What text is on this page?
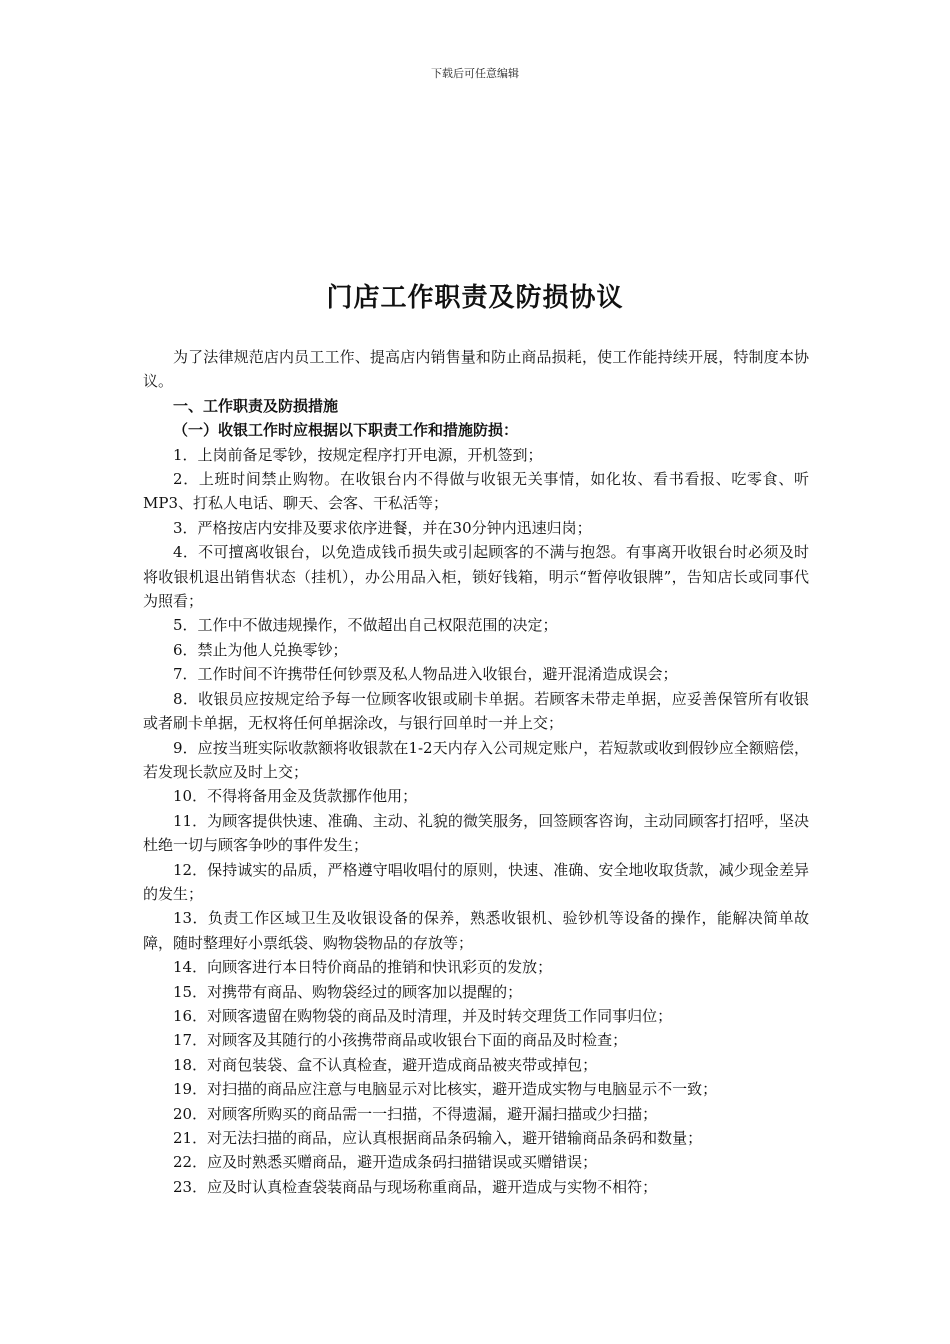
下载后可任意编辑
门店工作职责及防损协议

为了法律规范店内员工工作、提高店内销售量和防止商品损耗，使工作能持续开展，特制度本协议。

一、工作职责及防损措施

（一）收银工作时应根据以下职责工作和措施防损：

1．上岗前备足零钞，按规定程序打开电源，开机签到；

2．上班时间禁止购物。在收银台内不得做与收银无关事情，如化妆、看书看报、吃零食、听MP3、打私人电话、聊天、会客、干私活等；

3．严格按店内安排及要求依序进餐，并在30分钟内迅速归岗；

4．不可擅离收银台，以免造成钱币损失或引起顾客的不满与抱怨。有事离开收银台时必须及时将收银机退出销售状态（挂机），办公用品入柜，锁好钱箱，明示“暂停收银牌”，告知店长或同事代为照看；

5．工作中不做违规操作，不做超出自己权限范围的决定；

6．禁止为他人兑换零钞；

7．工作时间不许携带任何钞票及私人物品进入收银台，避开混淆造成误会；

8．收银员应按规定给予每一位顾客收银或刷卡单据。若顾客未带走单据，应妥善保管所有收银或者刷卡单据，无权将任何单据涂改，与银行回单时一并上交；

9．应按当班实际收款额将收银款在1-2天内存入公司规定账户，若短款或收到假钞应全额赔偿，若发现长款应及时上交；

10．不得将备用金及货款挪作他用；

11．为顾客提供快速、准确、主动、礼貌的微笑服务，回签顾客咨询，主动同顾客打招呼，坚决杜绝一切与顾客争吵的事件发生；

12．保持诚实的品质，严格遵守唱收唱付的原则，快速、准确、安全地收取货款，减少现金差异的发生；

13．负责工作区域卫生及收银设备的保养，熟悉收银机、验钞机等设备的操作，能解决简单故障，随时整理好小票纸袋、购物袋物品的存放等；

14．向顾客进行本日特价商品的推销和快讯彩页的发放；

15．对携带有商品、购物袋经过的顾客加以提醒的；

16．对顾客遗留在购物袋的商品及时清理，并及时转交理货工作同事归位；

17．对顾客及其随行的小孩携带商品或收银台下面的商品及时检查；

18．对商包装袋、盒不认真检查，避开造成商品被夹带或掉包；

19．对扫描的商品应注意与电脑显示对比核实，避开造成实物与电脑显示不一致；

20．对顾客所购买的商品需一一扫描，不得遗漏，避开漏扫描或少扫描；

21．对无法扫描的商品，应认真根据商品条码输入，避开错输商品条码和数量；

22．应及时熟悉买赠商品，避开造成条码扫描错误或买赠错误；

23．应及时认真检查袋装商品与现场称重商品，避开造成与实物不相符；
